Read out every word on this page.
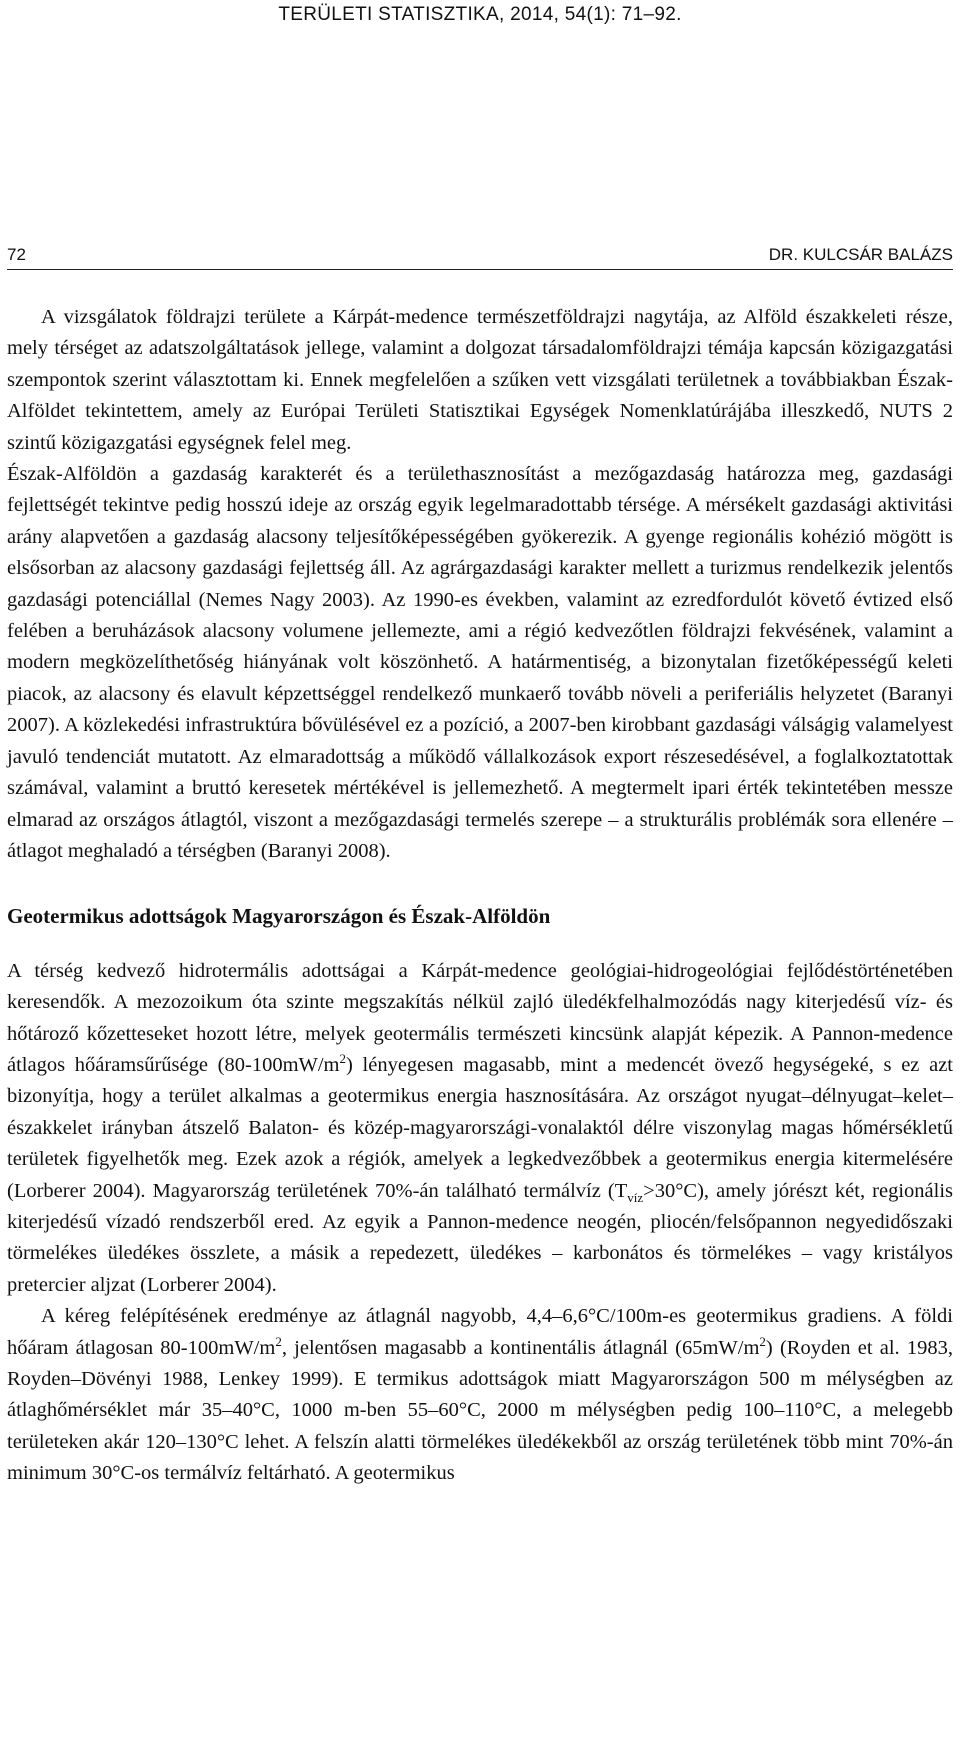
TERÜLETI STATISZTIKA, 2014, 54(1): 71–92.
72	DR. KULCSÁR BALÁZS

A vizsgálatok földrajzi területe a Kárpát-medence természetföldrajzi nagytája, az Alföld északkeleti része, mely térséget az adatszolgáltatások jellege, valamint a dolgozat társadalomföldrajzi témája kapcsán közigazgatási szempontok szerint választottam ki. Ennek megfelelően a szűken vett vizsgálati területnek a továbbiakban Észak-Alföldet tekintettem, amely az Európai Területi Statisztikai Egységek Nomenklatúrájába illeszkedő, NUTS 2 szintű közigazgatási egységnek felel meg.

Észak-Alföldön a gazdaság karakterét és a területhasznosítást a mezőgazdaság határozza meg, gazdasági fejlettségét tekintve pedig hosszú ideje az ország egyik legelmaradottabb térsége. A mérsékelt gazdasági aktivitási arány alapvetően a gazdaság alacsony teljesítőképességében gyökerezik. A gyenge regionális kohézió mögött is elsősorban az alacsony gazdasági fejlettség áll. Az agrárgazdasági karakter mellett a turizmus rendelkezik jelentős gazdasági potenciállal (Nemes Nagy 2003). Az 1990-es években, valamint az ezredfordulót követő évtized első felében a beruházások alacsony volumene jellemezte, ami a régió kedvezőtlen földrajzi fekvésének, valamint a modern megközelíthetőség hiányának volt köszönhető. A határmentiség, a bizonytalan fizetőképességű keleti piacok, az alacsony és elavult képzettséggel rendelkező munkaerő tovább növeli a periferiális helyzetet (Baranyi 2007). A közlekedési infrastruktúra bővülésével ez a pozíció, a 2007-ben kirobbant gazdasági válságig valamelyest javuló tendenciát mutatott. Az elmaradottság a működő vállalkozások export részesedésével, a foglalkoztatottak számával, valamint a bruttó keresetek mértékével is jellemezhető. A megtermelt ipari érték tekintetében messze elmarad az országos átlagtól, viszont a mezőgazdasági termelés szerepe – a strukturális problémák sora ellenére – átlagot meghaladó a térségben (Baranyi 2008).

Geotermikus adottságok Magyarországon és Észak-Alföldön

A térség kedvező hidrotermális adottságai a Kárpát-medence geológiai-hidrogeológiai fejlődéstörténetében keresendők. A mezozoikum óta szinte megszakítás nélkül zajló üledékfelhalmozódás nagy kiterjedésű víz- és hőtároző kőzetteseket hozott létre, melyek geotermális természeti kincsünk alapját képezik. A Pannon-medence átlagos hőáramsűrűsége $(80-100mW/m^2)$ lényegesen magasabb, mint a medencét övező hegységeké, s ez azt bizonyítja, hogy a terület alkalmas a geotermikus energia hasznosítására. Az országot nyugat–délnyugat–kelet–északkelet irányban átszelő Balaton- és közép-magyarországi-vonalaktól délre viszonylag magas hőmérsékletű területek figyelhetők meg. Ezek azok a régiók, amelyek a legkedvezőbbek a geotermikus energia kitermelésére (Lorberer 2004). Magyarország területének 70%-án található termálvíz $(T_{víz}>30^\circ C)$, amely jórészt két, regionális kiterjedésű vízadó rendszerből ered. Az egyik a Pannon-medence neogén, pliocén/felsőpannon negyedidőszaki törmelékes üledékes összlete, a másik a repedezett, üledékes – karbonátos és törmelékes – vagy kristályos pretercier aljzat (Lorberer 2004).

A kéreg felépítésének eredménye az átlagnál nagyobb, 4,4–6,6°C/100m-es geotermikus gradiens. A földi hőáram átlagosan $80-100mW/m^2$, jelentősen magasabb a kontinentális átlagnál $(65mW/m^2)$ (Royden et al. 1983, Royden–Dövényi 1988, Lenkey 1999). E termikus adottságok miatt Magyarországon 500 m mélységben az átlaghőmérséklet már 35–40°C, 1000 m-ben 55–60°C, 2000 m mélységben pedig 100–110°C, a melegebb területeken akár 120–130°C lehet. A felszín alatti törmelékes üledékekből az ország területének több mint 70%-án minimum 30°C-os termálvíz feltárható. A geotermikus
